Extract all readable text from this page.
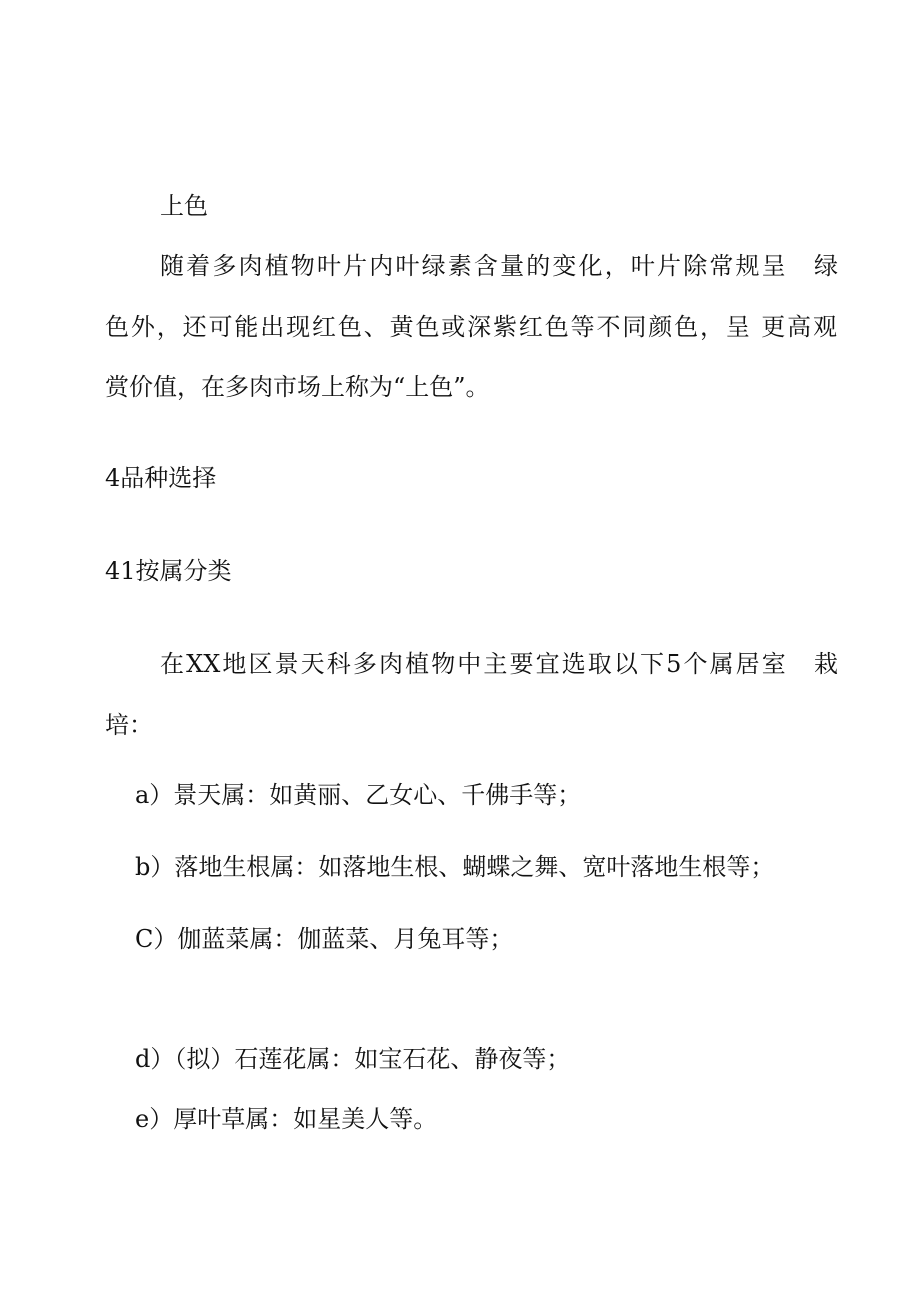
上色

随着多肉植物叶片内叶绿素含量的变化，叶片除常规呈　绿

色外，还可能出现红色、黄色或深紫红色等不同颜色，呈 更高观

赏价值，在多肉市场上称为“上色”。

4品种选择

41按属分类

在XX地区景天科多肉植物中主要宜选取以下5个属居室　栽

培：

a）景天属：如黄丽、乙女心、千佛手等；

b）落地生根属：如落地生根、蝴蝶之舞、宽叶落地生根等；

C）伽蓝菜属：伽蓝菜、月兔耳等；

d）（拟）石莲花属：如宝石花、静夜等；

e）厚叶草属：如星美人等。
